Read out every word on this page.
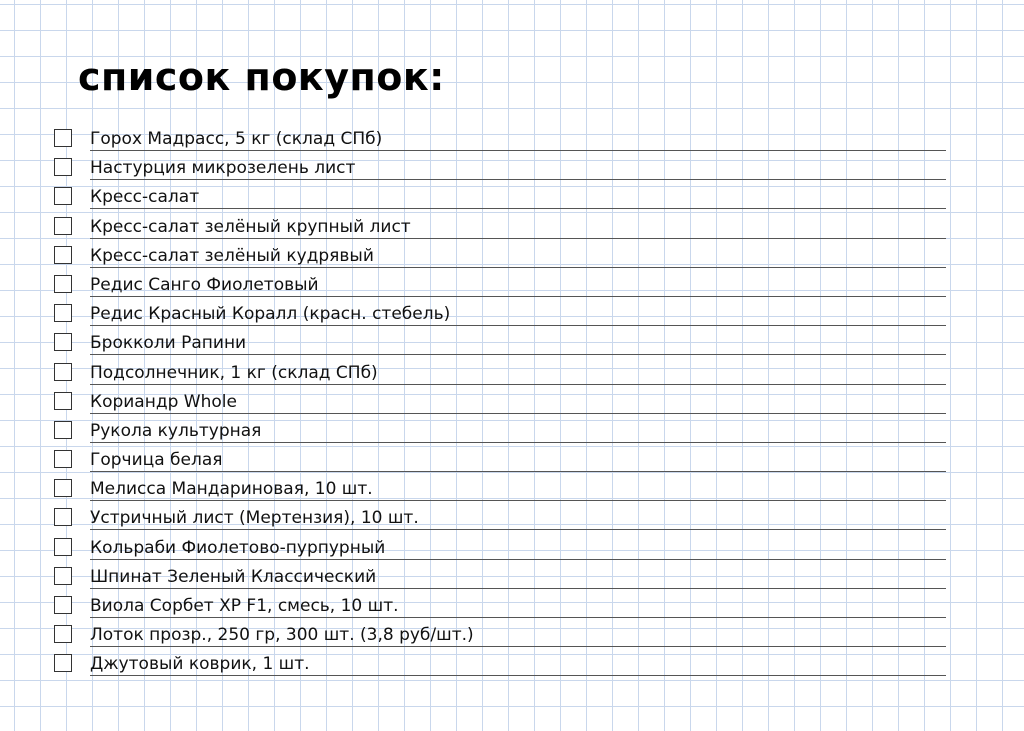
список покупок:
Горох Мадрасс, 5 кг (склад СПб)
Настурция микрозелень лист
Кресс-салат
Кресс-салат зелёный крупный лист
Кресс-салат зелёный кудрявый
Редис Санго Фиолетовый
Редис Красный Коралл (красн. стебель)
Брокколи Рапини
Подсолнечник, 1 кг (склад СПб)
Кориандр Whole
Рукола культурная
Горчица белая
Мелисса Мандариновая, 10 шт.
Устричный лист (Мертензия), 10 шт.
Кольраби Фиолетово-пурпурный
Шпинат Зеленый Классический
Виола Сорбет XP F1, смесь, 10 шт.
Лоток прозр., 250 гр, 300 шт. (3,8 руб/шт.)
Джутовый коврик, 1 шт.
